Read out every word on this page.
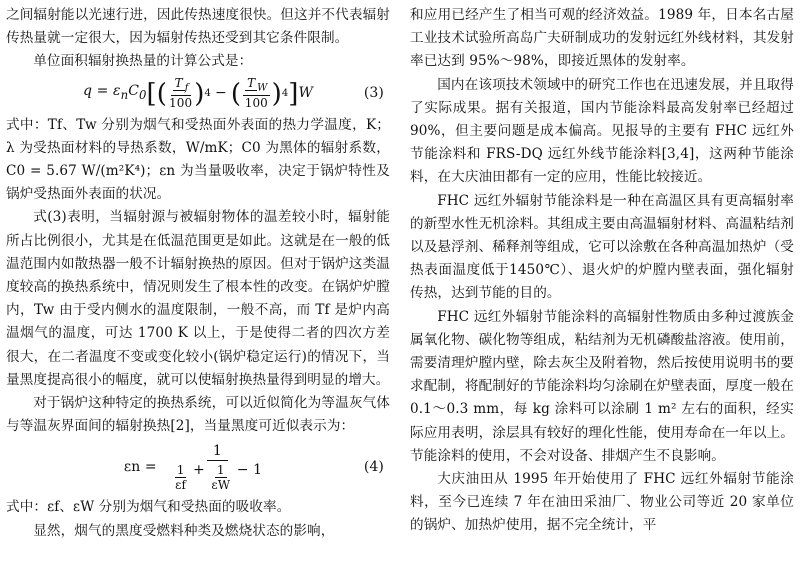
之间辐射能以光速行进，因此传热速度很快。但这并不代表辐射传热量就一定很大，因为辐射传热还受到其它条件限制。

单位面积辐射换热量的计算公式是：

$q = \varepsilon_nC_0$ [ ( $\frac{T _f}{100}$ ) 4 − ( $\frac{T _W}{100}$ ) 4 ] W	(3)

式中：Tf、Tw 分别为烟气和受热面外表面的热力学温度，K；λ 为受热面材料的导热系数，W/mK；C0 为黑体的辐射系数，C0 = 5.67 W/(m²K⁴)；εn 为当量吸收率，决定于锅炉特性及锅炉受热面外表面的状况。

式(3)表明，当辐射源与被辐射物体的温差较小时，辐射能所占比例很小，尤其是在低温范围更是如此。这就是在一般的低温范围内如散热器一般不计辐射换热的原因。但对于锅炉这类温度较高的换热系统中，情况则发生了根本性的改变。在锅炉炉膛内，Tw 由于受内侧水的温度限制，一般不高，而 Tf 是炉内高温烟气的温度，可达 1700 K 以上，于是使得二者的四次方差很大，在二者温度不变或变化较小(锅炉稳定运行)的情况下，当量黑度提高很小的幅度，就可以使辐射换热量得到明显的增大。

对于锅炉这种特定的换热系统，可以近似简化为等温灰气体与等温灰界面间的辐射换热[2]，当量黑度可近似表示为：

$\varepsilon n = \frac{1}{\frac{1}{\varepsilon f} + \frac{1}{\varepsilon W} - 1}$	(4)

式中：εf、εW 分别为烟气和受热面的吸收率。

显然，烟气的黑度受燃料种类及燃烧状态的影响，

和应用已经产生了相当可观的经济效益。1989 年，日本名古屋工业技术试验所高岛广夫研制成功的发射远红外线材料，其发射率已达到 95%～98%，即接近黑体的发射率。

国内在该项技术领域中的研究工作也在迅速发展，并且取得了实际成果。据有关报道，国内节能涂料最高发射率已经超过 90%，但主要问题是成本偏高。见报导的主要有 FHC 远红外节能涂料和 FRS-DQ 远红外线节能涂料[3,4]，这两种节能涂料，在大庆油田都有一定的应用，性能比较接近。

FHC 远红外辐射节能涂料是一种在高温区具有更高辐射率的新型水性无机涂料。其组成主要由高温辐射材料、高温粘结剂以及悬浮剂、稀释剂等组成，它可以涂敷在各种高温加热炉（受热表面温度低于1450℃）、退火炉的炉膛内壁表面，强化辐射传热，达到节能的目的。

FHC 远红外辐射节能涂料的高辐射性物质由多种过渡族金属氧化物、碳化物等组成，粘结剂为无机磷酸盐溶液。使用前，需要清理炉膛内壁，除去灰尘及附着物，然后按使用说明书的要求配制，将配制好的节能涂料均匀涂刷在炉壁表面，厚度一般在 0.1～0.3 mm，每 kg 涂料可以涂刷 1 m² 左右的面积，经实际应用表明，涂层具有较好的理化性能，使用寿命在一年以上。节能涂料的使用，不会对设备、排烟产生不良影响。

大庆油田从 1995 年开始使用了 FHC 远红外辐射节能涂料，至今已连续 7 年在油田采油厂、物业公司等近 20 家单位的锅炉、加热炉使用，据不完全统计，平
